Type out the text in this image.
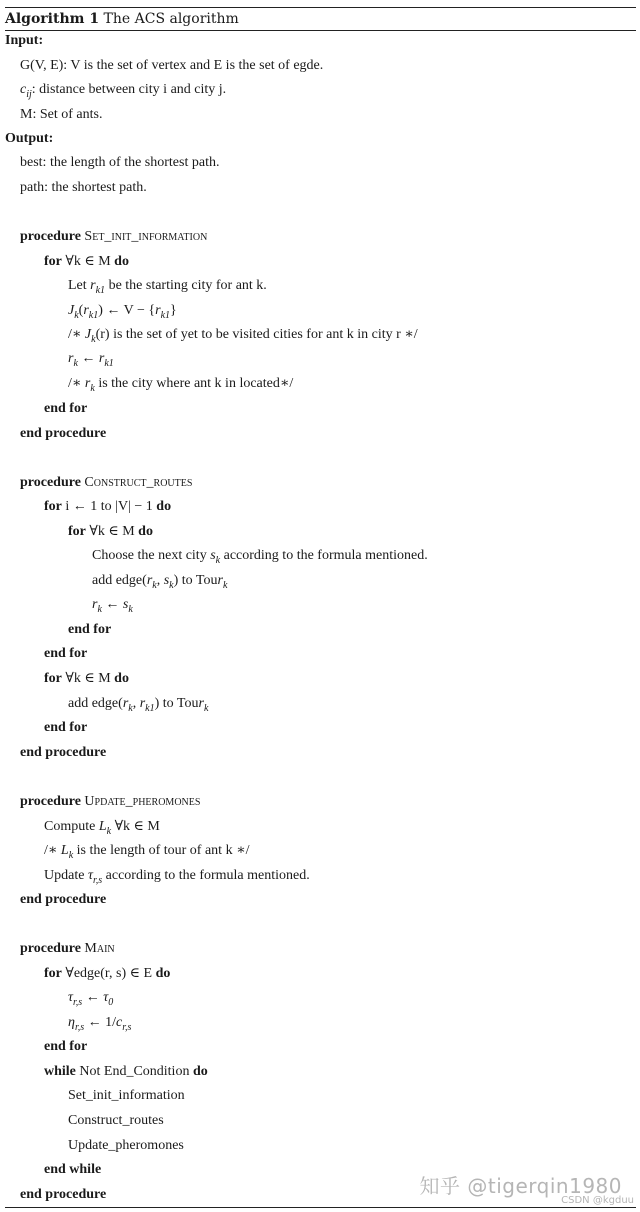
Algorithm 1 The ACS algorithm
Input:
G(V, E): V is the set of vertex and E is the set of egde.
$c_{ij}$: distance between city i and city j.
M: Set of ants.
Output:
best: the length of the shortest path.
path: the shortest path.
procedure Set_init_information
for ∀k ∈ M do
Let $r_{k1}$ be the starting city for ant k.
$J_k(r_{k1})$ ← $V - \{r_{k1}\}$
/∗ $J_k(r)$ is the set of yet to be visited cities for ant k in city r ∗/
$r_k$ ← $r_{k1}$
/∗ $r_k$ is the city where ant k in located∗/
end for
end procedure
procedure Construct_routes
for i ← 1 to |V| − 1 do
for ∀k ∈ M do
Choose the next city $s_k$ according to the formula mentioned.
add $edge(r_k$, $s_k$) to Tour$_k$
$r_k$ ← $s_k$
end for
end for
for ∀k ∈ M do
add $edge(r_k$, $r_{k1}$) to Tour$_k$
end for
end procedure
procedure Update_pheromones
Compute $L_k$ ∀k ∈ M
/∗ $L_k$ is the length of tour of ant k ∗/
Update $\tau_{r,s}$ according to the formula mentioned.
end procedure
procedure Main
for ∀edge(r, s) ∈ E do
$\tau_{r,s}$ ← $\tau_0$
$\eta_{r,s}$ ← $1/c_{r,s}$
end for
while Not End_Condition do
Set_init_information
Construct_routes
Update_pheromones
end while
end procedure	知乎 @tigerqin1980
CSDN @kgduu
